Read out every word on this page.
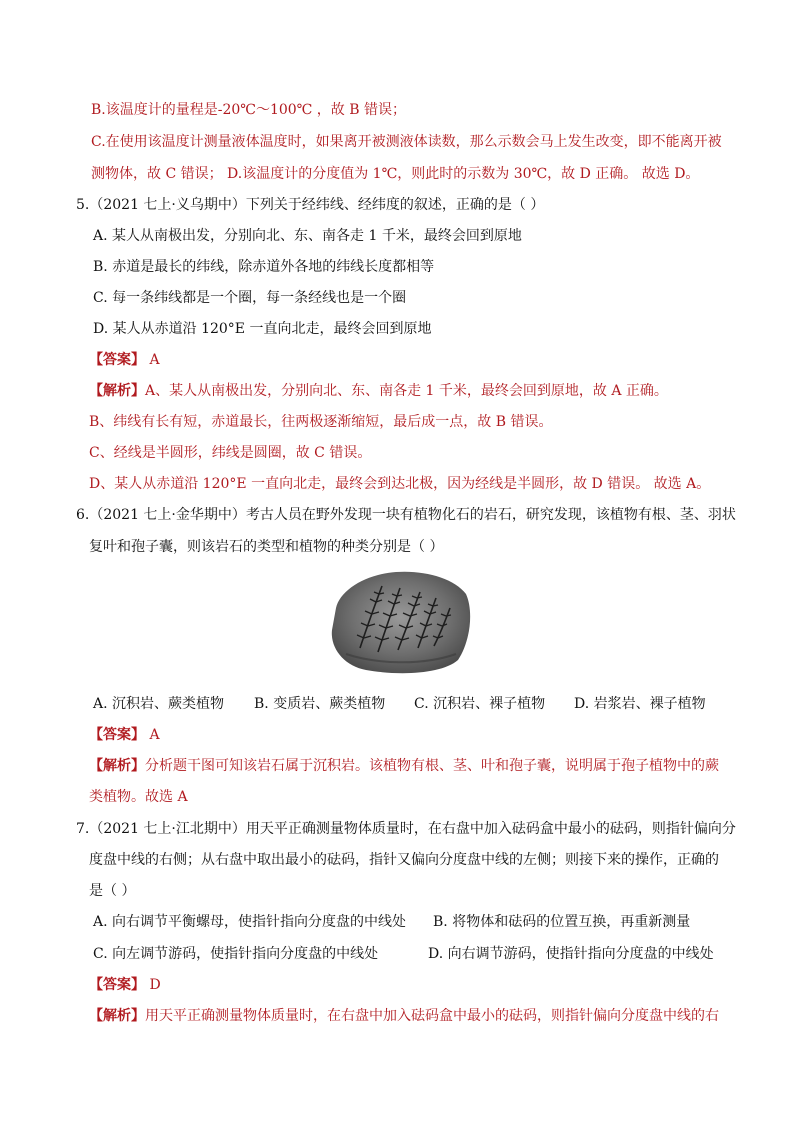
B.该温度计的量程是-20℃～100℃ ，故 B 错误；
C.在使用该温度计测量液体温度时，如果离开被测液体读数，那么示数会马上发生改变，即不能离开被
测物体，故 C 错误； D.该温度计的分度值为 1℃，则此时的示数为 30℃，故 D 正确。 故选 D。
5.（2021 七上·义乌期中）下列关于经纬线、经纬度的叙述，正确的是（ ）
A. 某人从南极出发，分别向北、东、南各走 1 千米，最终会回到原地
B. 赤道是最长的纬线，除赤道外各地的纬线长度都相等
C. 每一条纬线都是一个圈，每一条经线也是一个圈
D. 某人从赤道沿 120°E 一直向北走，最终会回到原地
【答案】 A
【解析】A、某人从南极出发，分别向北、东、南各走 1 千米，最终会回到原地，故 A 正确。
B、纬线有长有短，赤道最长，往两极逐渐缩短，最后成一点，故 B 错误。
C、经线是半圆形，纬线是圆圈，故 C 错误。
D、某人从赤道沿 120°E 一直向北走，最终会到达北极，因为经线是半圆形，故 D 错误。 故选 A。
6.（2021 七上·金华期中）考古人员在野外发现一块有植物化石的岩石，研究发现，该植物有根、茎、羽状
复叶和孢子囊，则该岩石的类型和植物的种类分别是（ ）
A. 沉积岩、蕨类植物 B. 变质岩、蕨类植物 C. 沉积岩、裸子植物 D. 岩浆岩、裸子植物
【答案】 A
【解析】分析题干图可知该岩石属于沉积岩。该植物有根、茎、叶和孢子囊，说明属于孢子植物中的蕨
类植物。故选 A
7.（2021 七上·江北期中）用天平正确测量物体质量时，在右盘中加入砝码盒中最小的砝码，则指针偏向分
度盘中线的右侧；从右盘中取出最小的砝码，指针又偏向分度盘中线的左侧；则接下来的操作，正确的
是（ ）
A. 向右调节平衡螺母，使指针指向分度盘的中线处 B. 将物体和砝码的位置互换，再重新测量
C. 向左调节游码，使指针指向分度盘的中线处	D. 向右调节游码，使指针指向分度盘的中线处
【答案】 D
【解析】用天平正确测量物体质量时，在右盘中加入砝码盒中最小的砝码，则指针偏向分度盘中线的右
